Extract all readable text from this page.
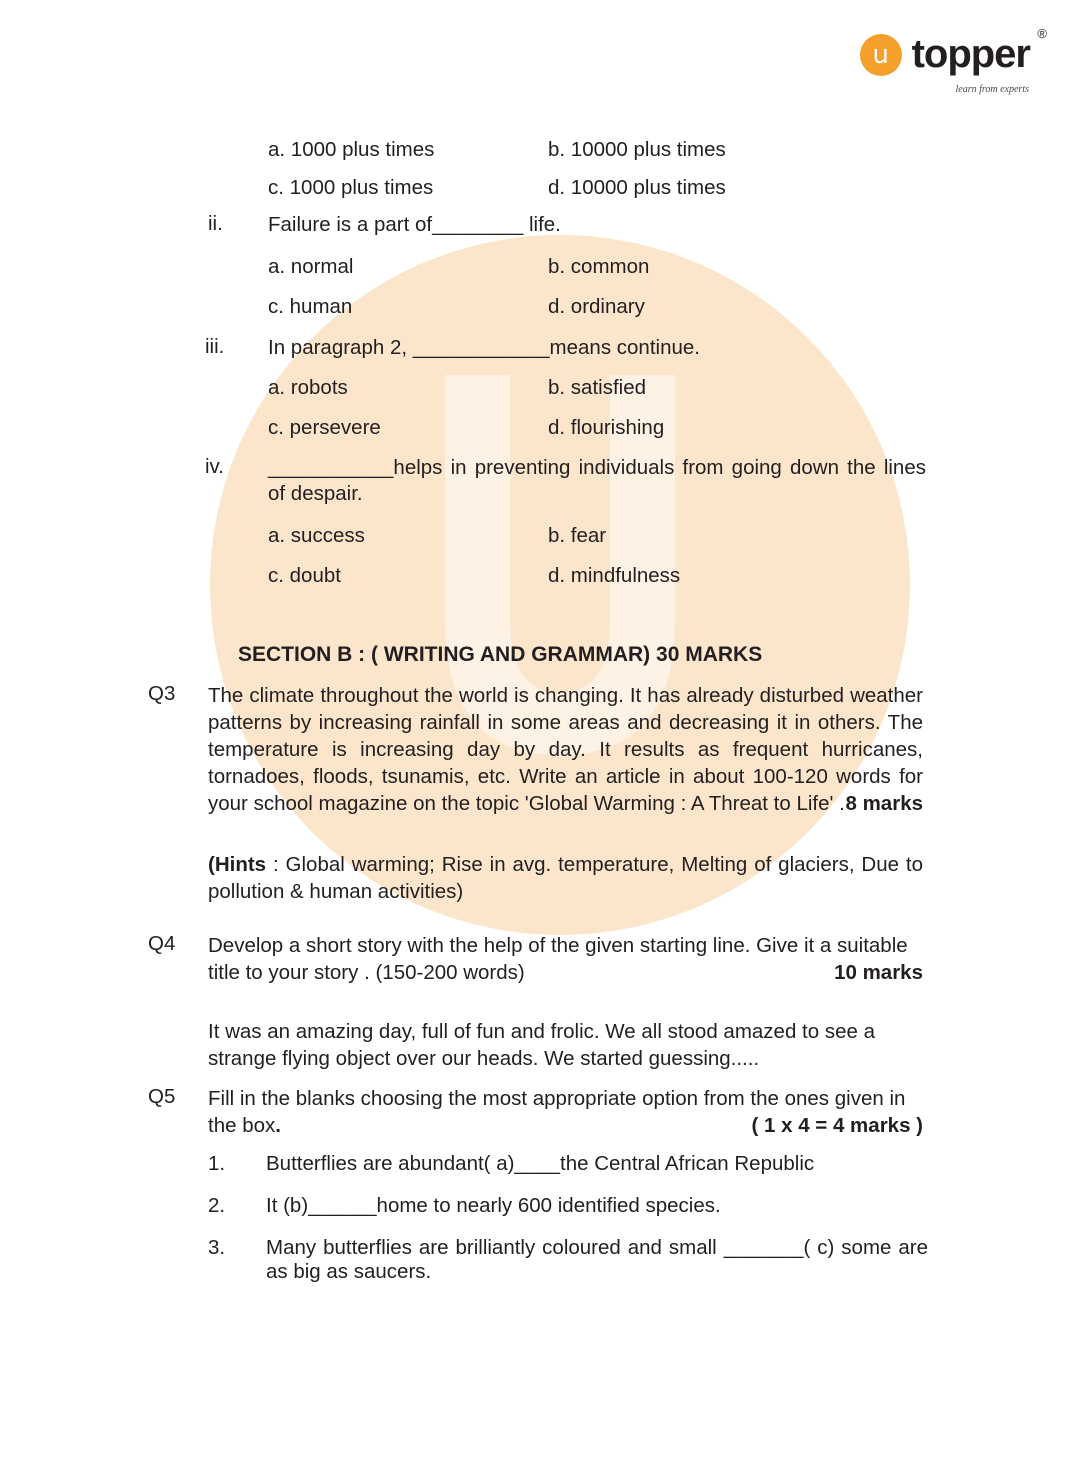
u topper ®
learn from experts
a. 1000 plus times	b. 10000 plus times
c. 1000 plus times	d. 10000 plus times
ii. Failure is a part of________ life.
a. normal	b. common
c. human	d. ordinary
iii. In paragraph 2, ____________means continue.
a. robots	b. satisfied
c. persevere	d. flourishing
iv. ___________helps in preventing individuals from going down the lines of despair.
a. success	b. fear
c. doubt	d. mindfulness
SECTION B : ( WRITING AND GRAMMAR) 30 MARKS
Q3 The climate throughout the world is changing. It has already disturbed weather patterns by increasing rainfall in some areas and decreasing it in others. The temperature is increasing day by day. It results as frequent hurricanes, tornadoes, floods, tsunamis, etc. Write an article in about 100-120 words for your school magazine on the topic 'Global Warming : A Threat to Life' . 8 marks
(Hints : Global warming; Rise in avg. temperature, Melting of glaciers, Due to pollution & human activities)
Q4 Develop a short story with the help of the given starting line. Give it a suitable title to your story . (150-200 words)	10 marks
It was an amazing day, full of fun and frolic. We all stood amazed to see a strange flying object over our heads. We started guessing.....
Q5 Fill in the blanks choosing the most appropriate option from the ones given in the box.	( 1 x 4 = 4 marks )
1.	Butterflies are abundant( a)____the Central African Republic
2.	It (b)______home to nearly 600 identified species.
3.	Many butterflies are brilliantly coloured and small _______( c) some are as big as saucers.
